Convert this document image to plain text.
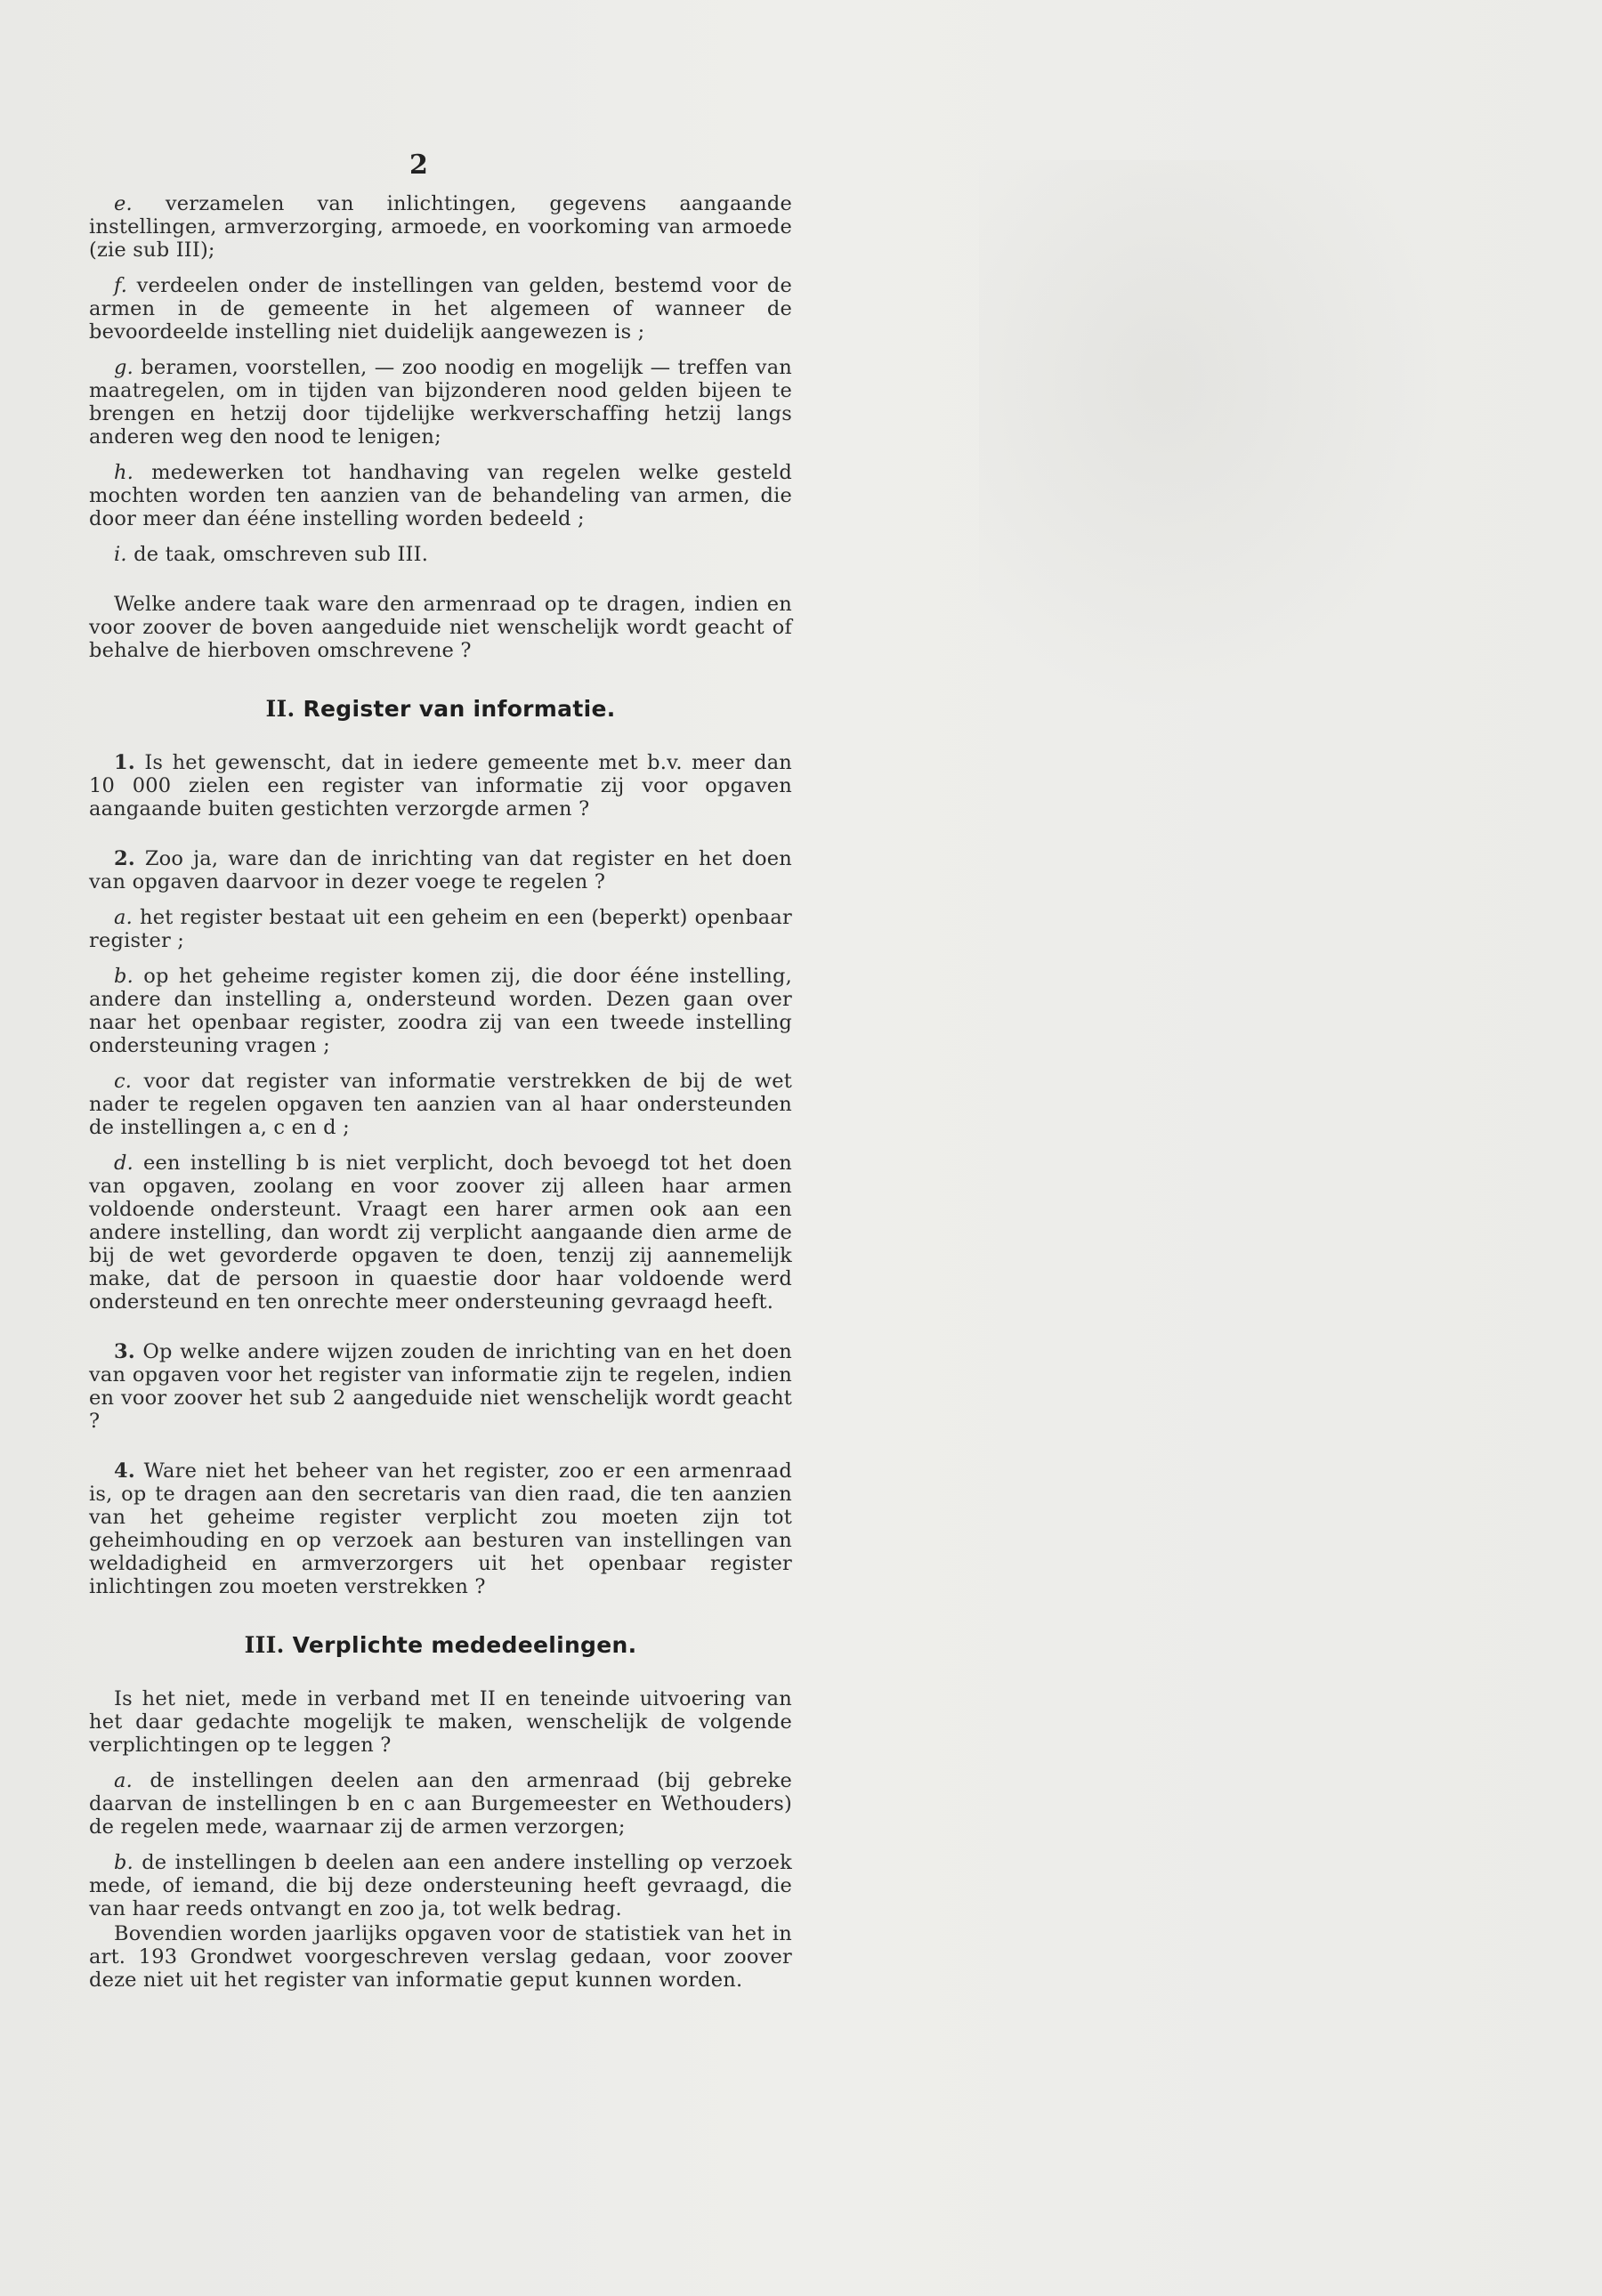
2

e. verzamelen van inlichtingen, gegevens aangaande instellingen, armverzorging, armoede, en voorkoming van armoede (zie sub III);

f. verdeelen onder de instellingen van gelden, bestemd voor de armen in de gemeente in het algemeen of wanneer de bevoordeelde instelling niet duidelijk aangewezen is ;

g. beramen, voorstellen, — zoo noodig en mogelijk — treffen van maatregelen, om in tijden van bijzonderen nood gelden bijeen te brengen en hetzij door tijdelijke werkverschaffing hetzij langs anderen weg den nood te lenigen;

h. medewerken tot handhaving van regelen welke gesteld mochten worden ten aanzien van de behandeling van armen, die door meer dan ééne instelling worden bedeeld ;

i. de taak, omschreven sub III.

Welke andere taak ware den armenraad op te dragen, indien en voor zoover de boven aangeduide niet wenschelijk wordt geacht of behalve de hierboven omschrevene ?

II. Register van informatie.

1. Is het gewenscht, dat in iedere gemeente met b.v. meer dan 10 000 zielen een register van informatie zij voor opgaven aangaande buiten gestichten verzorgde armen ?

2. Zoo ja, ware dan de inrichting van dat register en het doen van opgaven daarvoor in dezer voege te regelen ?

a. het register bestaat uit een geheim en een (beperkt) openbaar register ;

b. op het geheime register komen zij, die door ééne instelling, andere dan instelling a, ondersteund worden. Dezen gaan over naar het openbaar register, zoodra zij van een tweede instelling ondersteuning vragen ;

c. voor dat register van informatie verstrekken de bij de wet nader te regelen opgaven ten aanzien van al haar ondersteunden de instellingen a, c en d ;

d. een instelling b is niet verplicht, doch bevoegd tot het doen van opgaven, zoolang en voor zoover zij alleen haar armen voldoende ondersteunt. Vraagt een harer armen ook aan een andere instelling, dan wordt zij verplicht aangaande dien arme de bij de wet gevorderde opgaven te doen, tenzij zij aannemelijk make, dat de persoon in quaestie door haar voldoende werd ondersteund en ten onrechte meer ondersteuning gevraagd heeft.

3. Op welke andere wijzen zouden de inrichting van en het doen van opgaven voor het register van informatie zijn te regelen, indien en voor zoover het sub 2 aangeduide niet wenschelijk wordt geacht ?

4. Ware niet het beheer van het register, zoo er een armenraad is, op te dragen aan den secretaris van dien raad, die ten aanzien van het geheime register verplicht zou moeten zijn tot geheimhouding en op verzoek aan besturen van instellingen van weldadigheid en armverzorgers uit het openbaar register inlichtingen zou moeten verstrekken ?

III. Verplichte mededeelingen.

Is het niet, mede in verband met II en teneinde uitvoering van het daar gedachte mogelijk te maken, wenschelijk de volgende verplichtingen op te leggen ?

a. de instellingen deelen aan den armenraad (bij gebreke daarvan de instellingen b en c aan Burgemeester en Wethouders) de regelen mede, waarnaar zij de armen verzorgen;

b. de instellingen b deelen aan een andere instelling op verzoek mede, of iemand, die bij deze ondersteuning heeft gevraagd, die van haar reeds ontvangt en zoo ja, tot welk bedrag.

Bovendien worden jaarlijks opgaven voor de statistiek van het in art. 193 Grondwet voorgeschreven verslag gedaan, voor zoover deze niet uit het register van informatie geput kunnen worden.
